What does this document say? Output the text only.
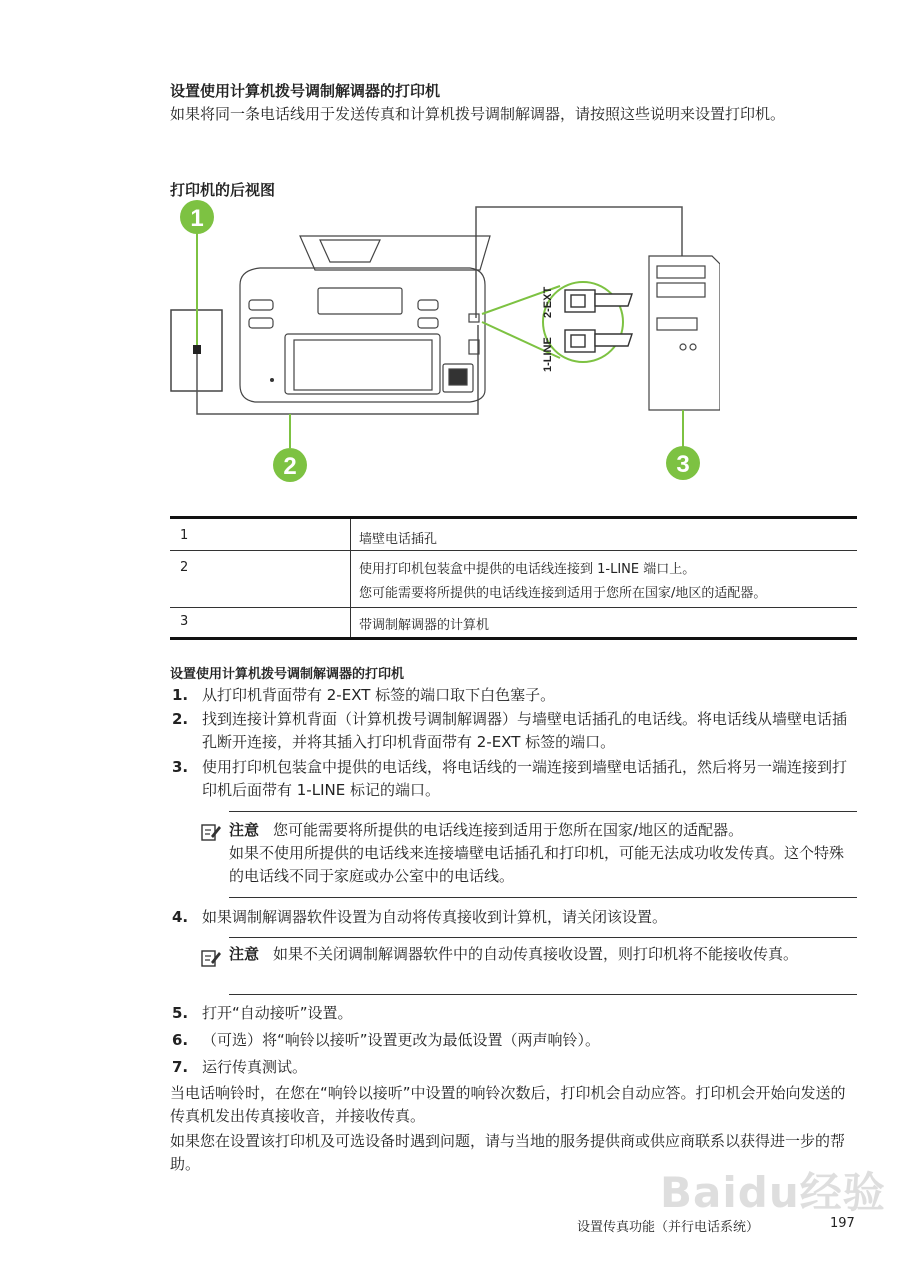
设置使用计算机拨号调制解调器的打印机
如果将同一条电话线用于发送传真和计算机拨号调制解调器，请按照这些说明来设置打印机。
打印机的后视图
1-LINE
2-EXT
1
2	3
1	墙壁电话插孔
2	使用打印机包装盒中提供的电话线连接到 1-LINE 端口上。
您可能需要将所提供的电话线连接到适用于您所在国家/地区的适配器。

3	带调制解调器的计算机
设置使用计算机拨号调制解调器的打印机
1. 从打印机背面带有 2-EXT 标签的端口取下白色塞子。
2. 找到连接计算机背面（计算机拨号调制解调器）与墙壁电话插孔的电话线。将电话线从墙壁电话插孔断开连接，并将其插入打印机背面带有 2-EXT 标签的端口。
3. 使用打印机包装盒中提供的电话线，将电话线的一端连接到墙壁电话插孔，然后将另一端连接到打印机后面带有 1-LINE 标记的端口。
注意 您可能需要将所提供的电话线连接到适用于您所在国家/地区的适配器。
如果不使用所提供的电话线来连接墙壁电话插孔和打印机，可能无法成功收发传真。这个特殊的电话线不同于家庭或办公室中的电话线。
4. 如果调制解调器软件设置为自动将传真接收到计算机，请关闭该设置。
注意 如果不关闭调制解调器软件中的自动传真接收设置，则打印机将不能接收传真。
5. 打开“自动接听”设置。
6. （可选）将“响铃以接听”设置更改为最低设置（两声响铃）。
7. 运行传真测试。
当电话响铃时，在您在“响铃以接听”中设置的响铃次数后，打印机会自动应答。打印机会开始向发送的传真机发出传真接收音，并接收传真。
如果您在设置该打印机及可选设备时遇到问题，请与当地的服务提供商或供应商联系以获得进一步的帮助。
Baidu经验
设置传真功能（并行电话系统）	197
